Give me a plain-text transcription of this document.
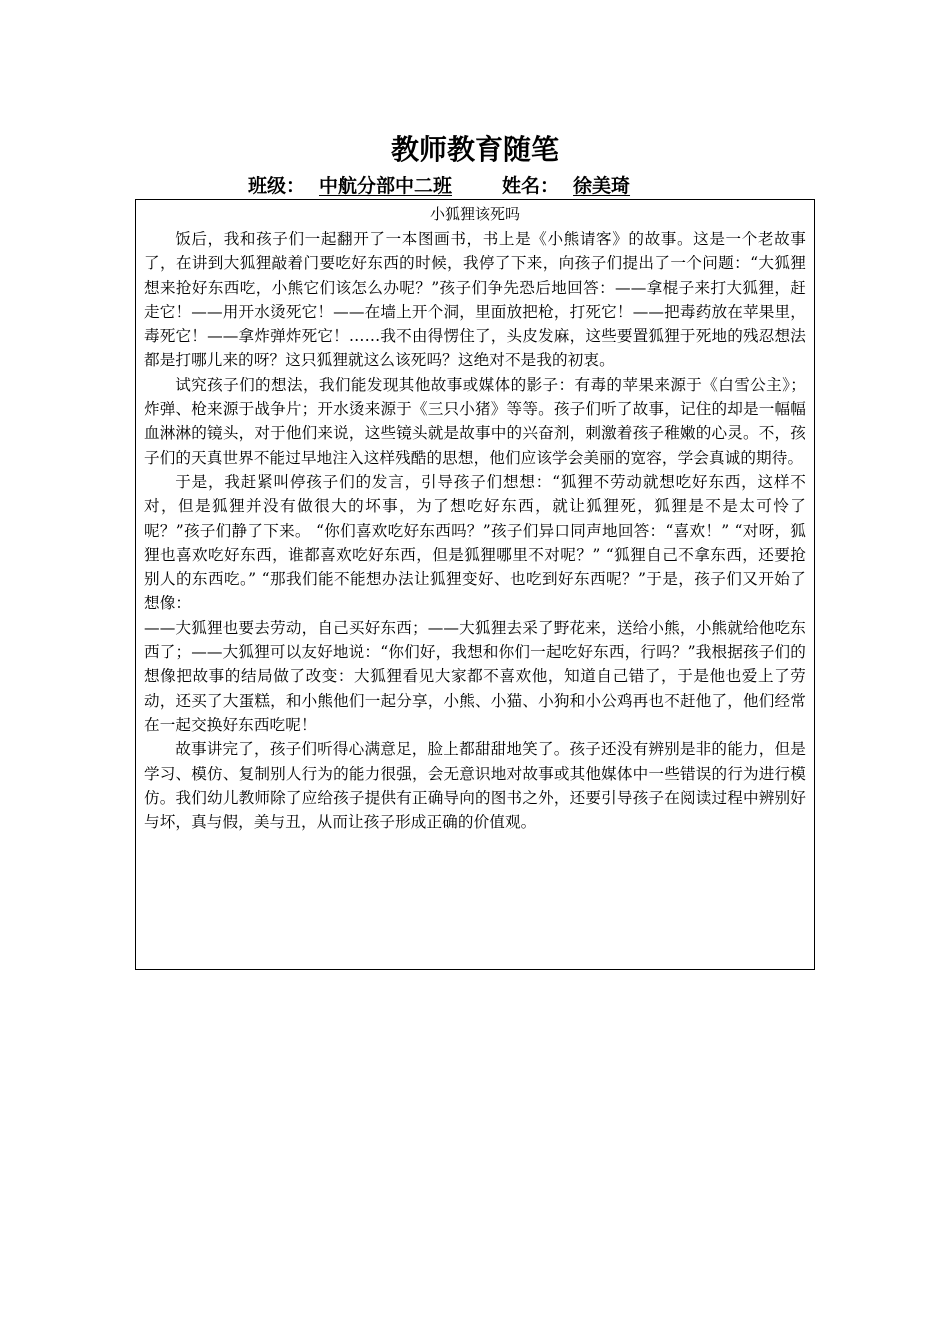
教师教育随笔
班级： 中航分部中二班	姓名： 徐美琦

小狐狸该死吗

饭后，我和孩子们一起翻开了一本图画书，书上是《小熊请客》的故事。这是一个老故事了，在讲到大狐狸敲着门要吃好东西的时候，我停了下来，向孩子们提出了一个问题：“大狐狸想来抢好东西吃，小熊它们该怎么办呢？”孩子们争先恐后地回答：——拿棍子来打大狐狸，赶走它！——用开水烫死它！——在墙上开个洞，里面放把枪，打死它！——把毒药放在苹果里，毒死它！——拿炸弹炸死它！……我不由得愣住了，头皮发麻，这些要置狐狸于死地的残忍想法都是打哪儿来的呀？这只狐狸就这么该死吗？这绝对不是我的初衷。

试究孩子们的想法，我们能发现其他故事或媒体的影子：有毒的苹果来源于《白雪公主》；炸弹、枪来源于战争片；开水烫来源于《三只小猪》等等。孩子们听了故事，记住的却是一幅幅血淋淋的镜头，对于他们来说，这些镜头就是故事中的兴奋剂，刺激着孩子稚嫩的心灵。不，孩子们的天真世界不能过早地注入这样残酷的思想，他们应该学会美丽的宽容，学会真诚的期待。

于是，我赶紧叫停孩子们的发言，引导孩子们想想：“狐狸不劳动就想吃好东西，这样不对，但是狐狸并没有做很大的坏事，为了想吃好东西，就让狐狸死，狐狸是不是太可怜了呢？”孩子们静了下来。 “你们喜欢吃好东西吗？”孩子们异口同声地回答：“喜欢！” “对呀，狐狸也喜欢吃好东西，谁都喜欢吃好东西，但是狐狸哪里不对呢？” “狐狸自己不拿东西，还要抢别人的东西吃。” “那我们能不能想办法让狐狸变好、也吃到好东西呢？”于是，孩子们又开始了想像：

——大狐狸也要去劳动，自己买好东西；——大狐狸去采了野花来，送给小熊，小熊就给他吃东西了；——大狐狸可以友好地说：“你们好，我想和你们一起吃好东西，行吗？”我根据孩子们的想像把故事的结局做了改变：大狐狸看见大家都不喜欢他，知道自己错了，于是他也爱上了劳动，还买了大蛋糕，和小熊他们一起分享，小熊、小猫、小狗和小公鸡再也不赶他了，他们经常在一起交换好东西吃呢！

故事讲完了，孩子们听得心满意足，脸上都甜甜地笑了。孩子还没有辨别是非的能力，但是学习、模仿、复制别人行为的能力很强，会无意识地对故事或其他媒体中一些错误的行为进行模仿。我们幼儿教师除了应给孩子提供有正确导向的图书之外，还要引导孩子在阅读过程中辨别好与坏，真与假，美与丑，从而让孩子形成正确的价值观。
